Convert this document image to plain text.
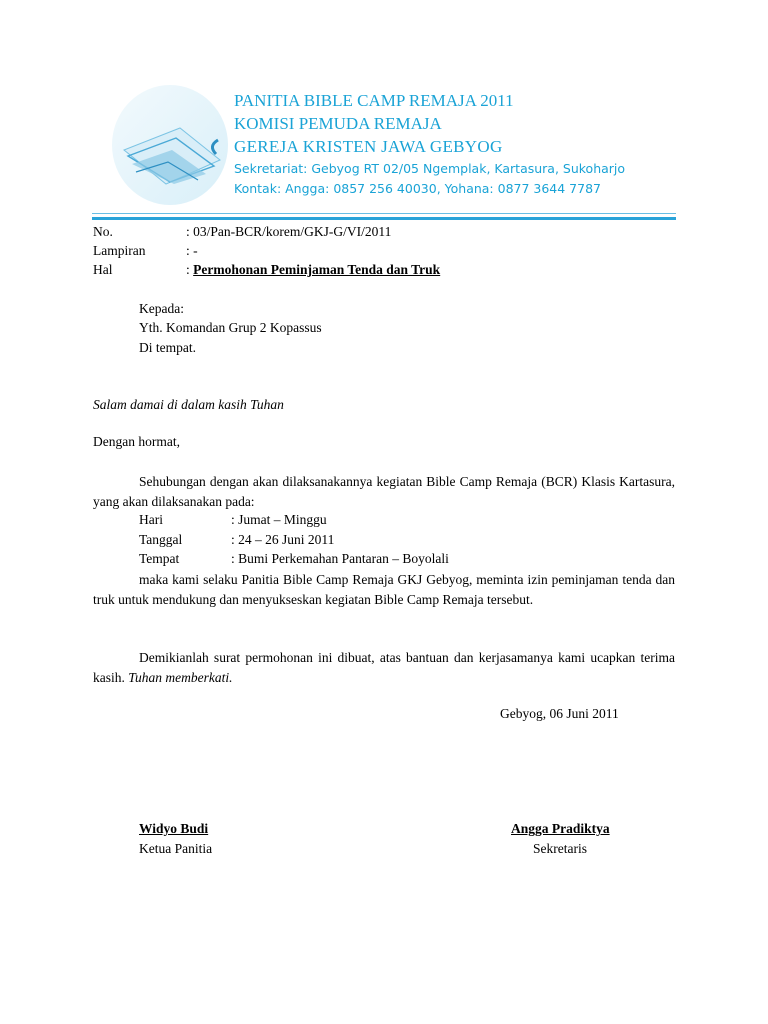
PANITIA BIBLE CAMP REMAJA 2011
KOMISI PEMUDA REMAJA
GEREJA KRISTEN JAWA GEBYOG
Sekretariat: Gebyog RT 02/05 Ngemplak, Kartasura, Sukoharjo
Kontak: Angga: 0857 256 40030, Yohana: 0877 3644 7787
No.	: 03/Pan-BCR/korem/GKJ-G/VI/2011
Lampiran	: -
Hal	: Permohonan Peminjaman Tenda dan Truk
Kepada:
Yth. Komandan Grup 2 Kopassus
Di tempat.
Salam damai di dalam kasih Tuhan
Dengan hormat,
Sehubungan dengan akan dilaksanakannya kegiatan Bible Camp Remaja (BCR) Klasis Kartasura, yang akan dilaksanakan pada:
Hari	: Jumat – Minggu
Tanggal	: 24 – 26 Juni 2011
Tempat	: Bumi Perkemahan Pantaran – Boyolali
maka kami selaku Panitia Bible Camp Remaja GKJ Gebyog, meminta izin peminjaman tenda dan truk untuk mendukung dan menyukseskan kegiatan Bible Camp Remaja tersebut.
Demikianlah surat permohonan ini dibuat, atas bantuan dan kerjasamanya kami ucapkan terima kasih. Tuhan memberkati.
Gebyog, 06 Juni 2011
Widyo Budi
Ketua Panitia
Angga Pradiktya
Sekretaris
